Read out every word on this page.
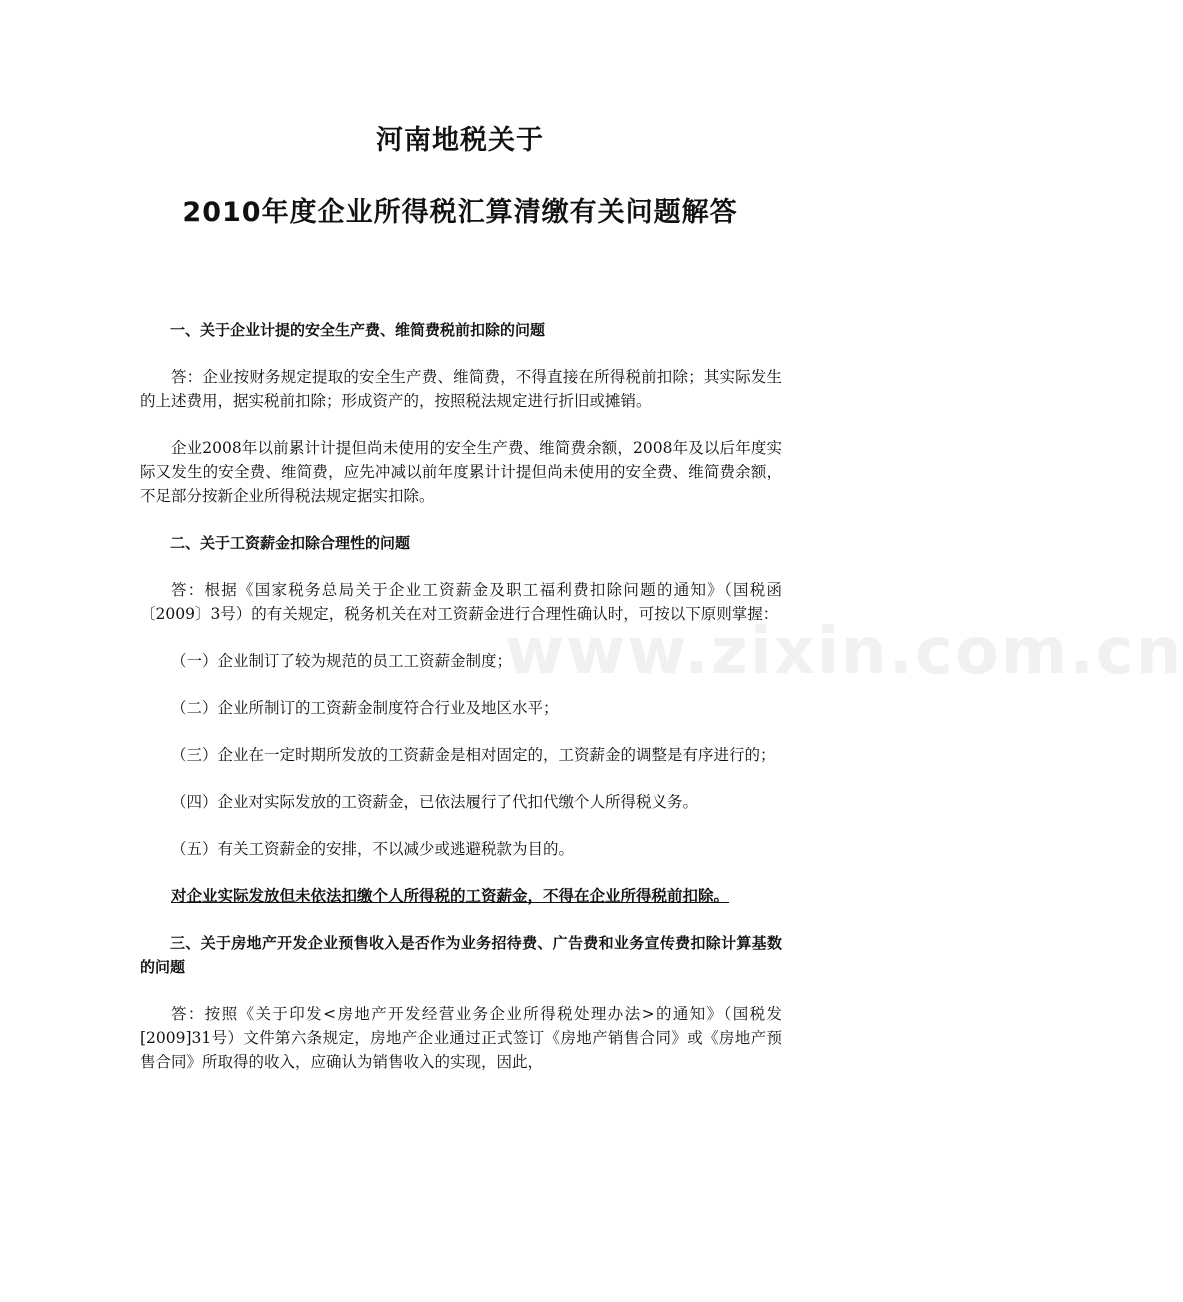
河南地税关于
2010年度企业所得税汇算清缴有关问题解答

一、关于企业计提的安全生产费、维简费税前扣除的问题

答：企业按财务规定提取的安全生产费、维简费，不得直接在所得税前扣除；其实际发生的上述费用，据实税前扣除；形成资产的，按照税法规定进行折旧或摊销。

企业2008年以前累计计提但尚未使用的安全生产费、维简费余额，2008年及以后年度实际又发生的安全费、维简费，应先冲减以前年度累计计提但尚未使用的安全费、维简费余额，不足部分按新企业所得税法规定据实扣除。

二、关于工资薪金扣除合理性的问题

答：根据《国家税务总局关于企业工资薪金及职工福利费扣除问题的通知》（国税函〔2009〕3号）的有关规定，税务机关在对工资薪金进行合理性确认时，可按以下原则掌握：

（一）企业制订了较为规范的员工工资薪金制度；

（二）企业所制订的工资薪金制度符合行业及地区水平；

（三）企业在一定时期所发放的工资薪金是相对固定的，工资薪金的调整是有序进行的；

（四）企业对实际发放的工资薪金，已依法履行了代扣代缴个人所得税义务。

（五）有关工资薪金的安排，不以减少或逃避税款为目的。

对企业实际发放但未依法扣缴个人所得税的工资薪金，不得在企业所得税前扣除。

三、关于房地产开发企业预售收入是否作为业务招待费、广告费和业务宣传费扣除计算基数的问题

答：按照《关于印发<房地产开发经营业务企业所得税处理办法>的通知》（国税发[2009]31号）文件第六条规定，房地产企业通过正式签订《房地产销售合同》或《房地产预售合同》所取得的收入，应确认为销售收入的实现，因此，

www.zixin.com.cn
